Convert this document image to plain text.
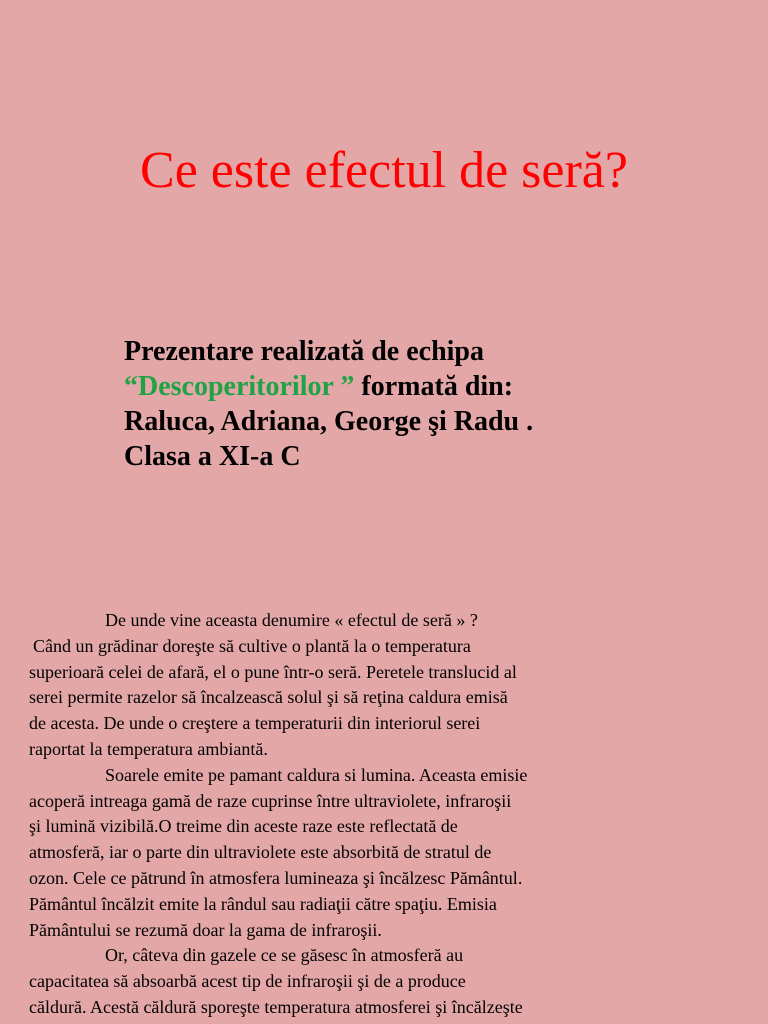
Ce este efectul de seră?
Prezentare realizată de echipa
“Descoperitorilor ” formată din:
Raluca, Adriana, George şi Radu .
Clasa a XI-a C
De unde vine aceasta denumire « efectul de seră » ?
Când un grădinar doreşte să cultive o plantă la o temperatura
superioară celei de afară, el o pune într-o seră. Peretele translucid al
serei permite razelor să încalzească solul şi să reţina caldura emisă
de acesta. De unde o creştere a temperaturii din interiorul serei
raportat la temperatura ambiantă.
Soarele emite pe pamant caldura si lumina. Aceasta emisie
acoperă intreaga gamă de raze cuprinse între ultraviolete, infraroşii
şi lumină vizibilă.O treime din aceste raze este reflectată de
atmosferă, iar o parte din ultraviolete este absorbită de stratul de
ozon. Cele ce pătrund în atmosfera lumineaza şi încălzesc Pământul.
Pământul încălzit emite la rândul sau radiaţii către spaţiu. Emisia
Pământului se rezumă doar la gama de infraroşii.
Or, câteva din gazele ce se găsesc în atmosferă au
capacitatea să absoarbă acest tip de infraroşii şi de a produce
căldură. Acestă căldură sporeşte temperatura atmosferei şi încălzeşte
